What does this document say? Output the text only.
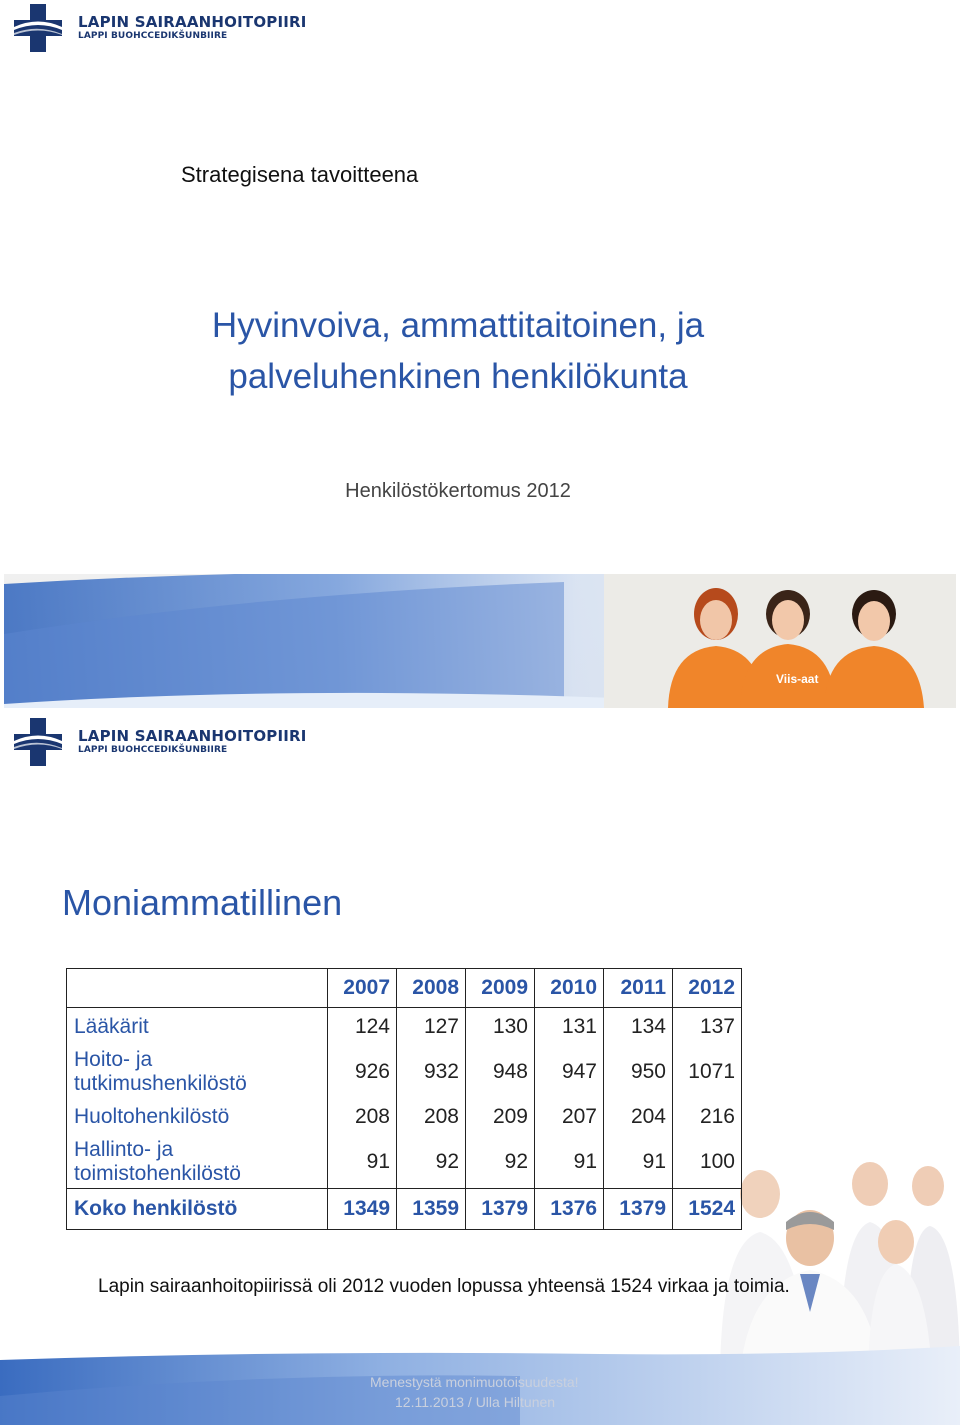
LAPIN SAIRAANHOITOPIIRI
LAPPI BUOHCCEDIKŠUNBIIRE
Strategisena tavoitteena
Hyvinvoiva, ammattitaitoinen, ja
palveluhenkinen henkilökunta
Henkilöstökertomus 2012
Viis-aat
LAPIN SAIRAANHOITOPIIRI
LAPPI BUOHCCEDIKŠUNBIIRE
Moniammatillinen
	2007	2008	2009	2010	2011	2012
Lääkärit	124	127	130	131	134	137

Hoito- ja
tutkimushenkilöstö	926	932	948	947	950	1071
Huoltohenkilöstö	208	208	209	207	204	216

Hallinto- ja
toimistohenkilöstö	91	92	92	91	91	100
Koko henkilöstö	1349	1359	1379	1376	1379	1524
Lapin sairaanhoitopiirissä oli 2012 vuoden lopussa yhteensä 1524 virkaa ja toimia.
Menestystä monimuotoisuudesta!
12.11.2013 / Ulla Hiltunen
